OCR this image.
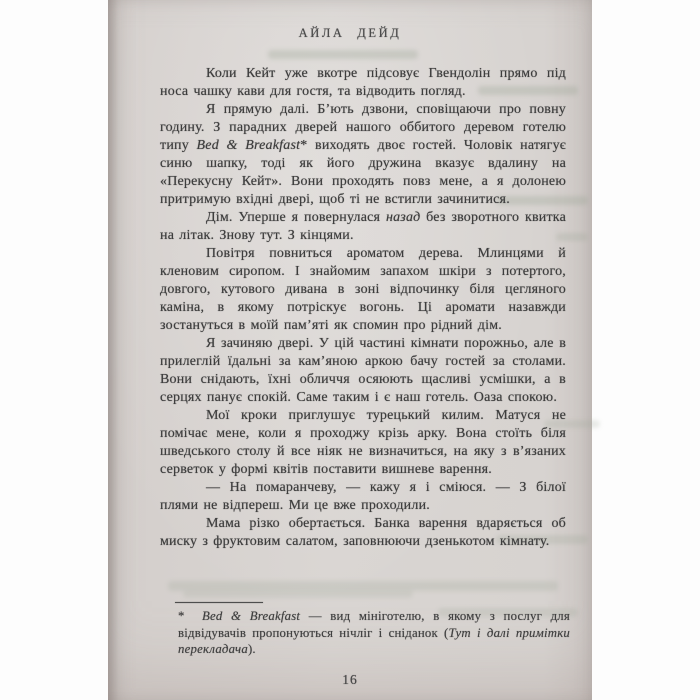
АЙЛА ДЕЙД

Коли Кейт уже вкотре підсовує Гвендолін прямо під носа чашку кави для гостя, та відводить погляд.

Я прямую далі. Б’ють дзвони, сповіщаючи про повну годину. З парадних дверей нашого оббитого деревом готелю типу Bed & Breakfast* виходять двоє гостей. Чоловік натягує синю шапку, тоді як його дружина вказує вдалину на «Перекусну Кейт». Вони проходять повз мене, а я долонею притримую вхідні двері, щоб ті не встигли зачинитися.

Дім. Уперше я повернулася назад без зворотного квитка на літак. Знову тут. З кінцями.

Повітря повниться ароматом дерева. Млинцями й кленовим сиропом. І знайомим запахом шкіри з потертого, довгого, кутового дивана в зоні відпочинку біля цегляного каміна, в якому потріскує вогонь. Ці аромати назавжди зостануться в моїй пам’яті як спомин про рідний дім.

Я зачиняю двері. У цій частині кімнати порожньо, але в прилеглій їдальні за кам’яною аркою бачу гостей за столами. Вони снідають, їхні обличчя осяюють щасливі усмішки, а в серцях панує спокій. Саме таким і є наш готель. Оаза спокою.

Мої кроки приглушує турецький килим. Матуся не помічає мене, коли я проходжу крізь арку. Вона стоїть біля шведського столу й все ніяк не визначиться, на яку з в’язаних серветок у формі квітів поставити вишневе варення.

— На помаранчеву, — кажу я і сміюся. — З білої плями не відпереш. Ми це вже проходили.

Мама різко обертається. Банка варення вдаряється об миску з фруктовим салатом, заповнюючи дзенькотом кімнату.

* Bed & Breakfast — вид мініготелю, в якому з послуг для відвідувачів пропонуються нічліг і сніданок (Тут і далі примітки перекладача).
16
